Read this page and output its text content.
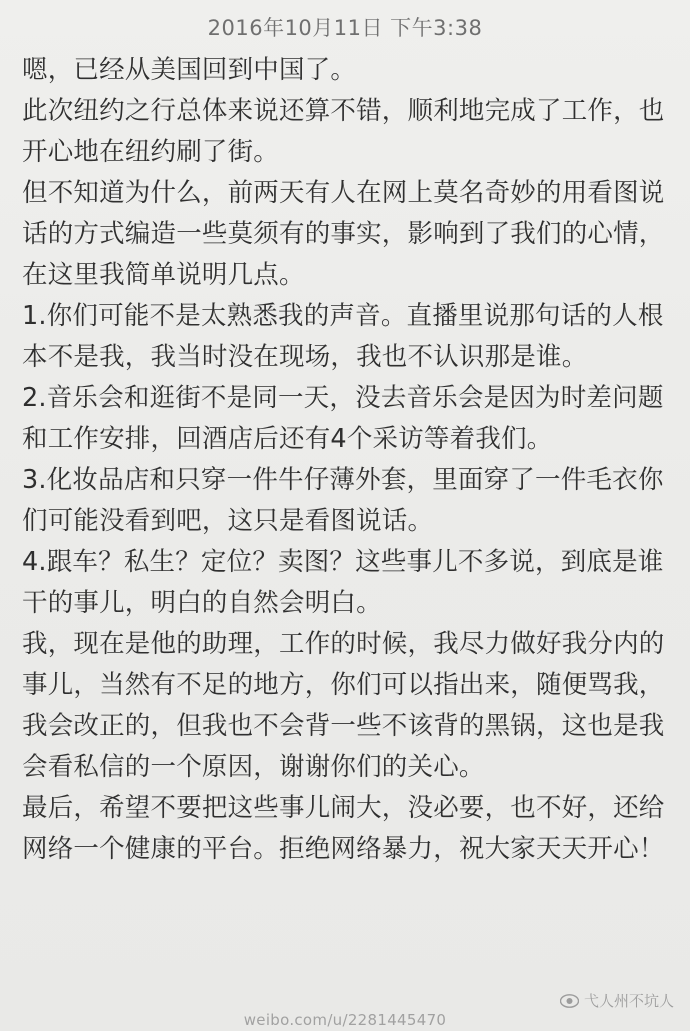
2016年10月11日 下午3:38

嗯，已经从美国回到中国了。

此次纽约之行总体来说还算不错，顺利地完成了工作，也开心地在纽约刷了街。

但不知道为什么，前两天有人在网上莫名奇妙的用看图说话的方式编造一些莫须有的事实，影响到了我们的心情，在这里我简单说明几点。

1.你们可能不是太熟悉我的声音。直播里说那句话的人根本不是我，我当时没在现场，我也不认识那是谁。

2.音乐会和逛街不是同一天，没去音乐会是因为时差问题和工作安排，回酒店后还有4个采访等着我们。

3.化妆品店和只穿一件牛仔薄外套，里面穿了一件毛衣你们可能没看到吧，这只是看图说话。

4.跟车？私生？定位？卖图？这些事儿不多说，到底是谁干的事儿，明白的自然会明白。

我，现在是他的助理，工作的时候，我尽力做好我分内的事儿，当然有不足的地方，你们可以指出来，随便骂我，我会改正的，但我也不会背一些不该背的黑锅，这也是我会看私信的一个原因，谢谢你们的关心。

最后，希望不要把这些事儿闹大，没必要，也不好，还给网络一个健康的平台。拒绝网络暴力，祝大家天天开心！

弋人州不坑人
weibo.com/u/2281445470
